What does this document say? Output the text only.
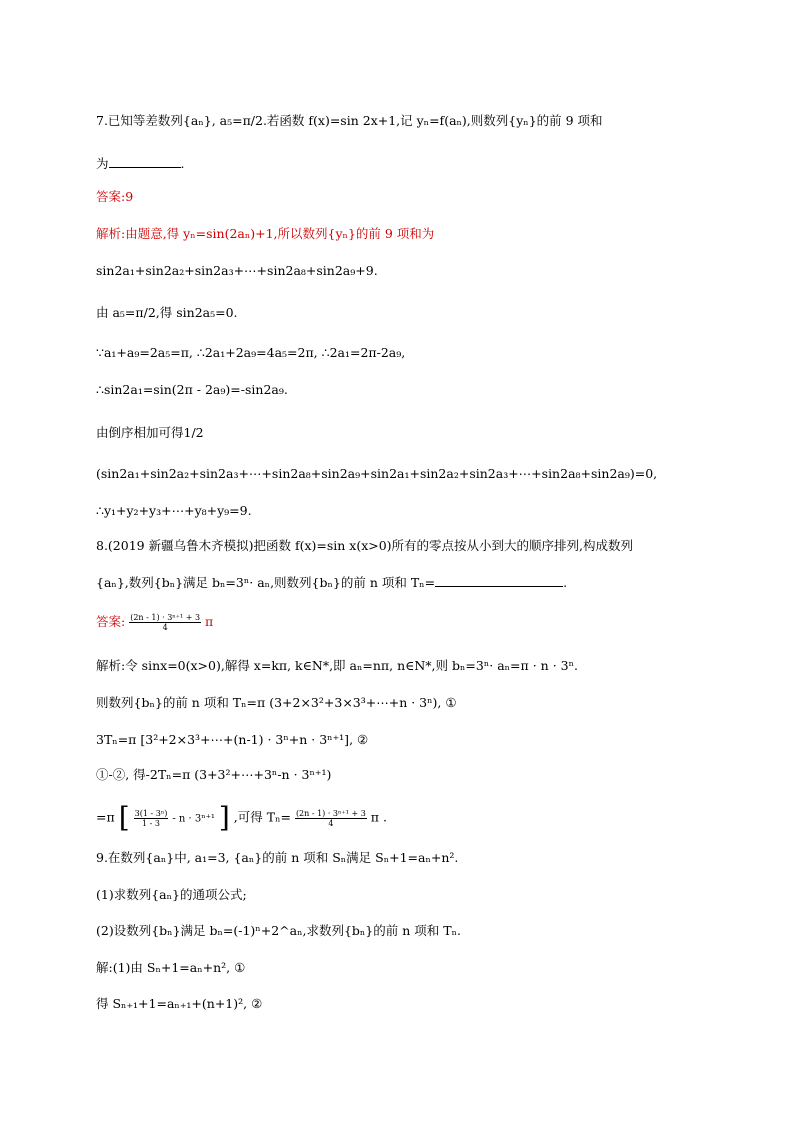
7.已知等差数列{aₙ}, a₅=π/2.若函数 f(x)=sin 2x+1,记 yₙ=f(aₙ),则数列{yₙ}的前 9 项和
为	.
答案:9
解析:由题意,得 yₙ=sin(2aₙ)+1,所以数列{yₙ}的前 9 项和为
sin2a₁+sin2a₂+sin2a₃+⋯+sin2a₈+sin2a₉+9.
由 a₅=π/2,得 sin2a₅=0.
∵a₁+a₉=2a₅=π, ∴2a₁+2a₉=4a₅=2π, ∴2a₁=2π-2a₉,
∴sin2a₁=sin(2π - 2a₉)=-sin2a₉.
由倒序相加可得1/2
(sin2a₁+sin2a₂+sin2a₃+⋯+sin2a₈+sin2a₉+sin2a₁+sin2a₂+sin2a₃+⋯+sin2a₈+sin2a₉)=0,
∴y₁+y₂+y₃+⋯+y₈+y₉=9.
8.(2019 新疆乌鲁木齐模拟)把函数 f(x)=sin x(x>0)所有的零点按从小到大的顺序排列,构成数列
{aₙ},数列{bₙ}满足 bₙ=3ⁿ· aₙ,则数列{bₙ}的前 n 项和 Tₙ=	.
答案: $\frac{\text{(2n - 1) · 3ⁿ⁺¹ + 3}}{4}$ π
解析:令 sinx=0(x>0),解得 x=kπ, k∈N*,即 aₙ=nπ, n∈N*,则 bₙ=3ⁿ· aₙ=π · n · 3ⁿ.
则数列{bₙ}的前 n 项和 Tₙ=π (3+2×3²+3×3³+⋯+n · 3ⁿ), ①
3Tₙ=π [3²+2×3³+⋯+(n-1) · 3ⁿ+n · 3ⁿ⁺¹], ②
①-②, 得-2Tₙ=π (3+3²+⋯+3ⁿ-n · 3ⁿ⁺¹)
=π [ $\frac{\text{3(1 - 3ⁿ)}}{1 - 3} - n \cdot 3^{n+1}$ ] ,可得 $T_n= \frac{\text{(2n - 1) · 3ⁿ⁺¹ + 3}}{4}$ π .
9.在数列{aₙ}中, a₁=3, {aₙ}的前 n 项和 Sₙ满足 Sₙ+1=aₙ+n².
(1)求数列{aₙ}的通项公式;
(2)设数列{bₙ}满足 bₙ=(-1)ⁿ+2^aₙ,求数列{bₙ}的前 n 项和 Tₙ.
解:(1)由 Sₙ+1=aₙ+n², ①
得 Sₙ₊₁+1=aₙ₊₁+(n+1)², ②
